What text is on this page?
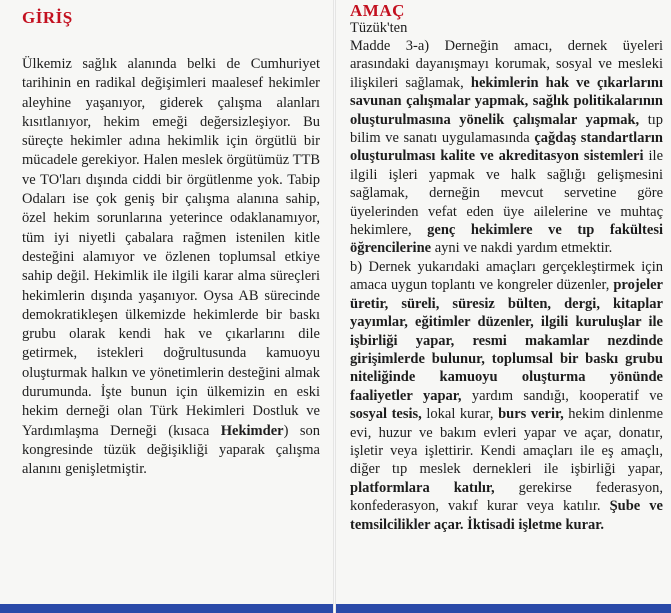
GİRİŞ

Ülkemiz sağlık alanında belki de Cumhuriyet tarihinin en radikal değişimleri maalesef hekimler aleyhine yaşanıyor, giderek çalışma alanları kısıtlanıyor, hekim emeği değersizleşiyor. Bu süreçte hekimler adına hekimlik için örgütlü bir mücadele gerekiyor. Halen meslek örgütümüz TTB ve TO'ları dışında ciddi bir örgütlenme yok. Tabip Odaları ise çok geniş bir çalışma alanına sahip, özel hekim sorunlarına yeterince odaklanamıyor, tüm iyi niyetli çabalara rağmen istenilen kitle desteğini alamıyor ve özlenen toplumsal etkiye sahip değil. Hekimlik ile ilgili karar alma süreçleri hekimlerin dışında yaşanıyor. Oysa AB sürecinde demokratikleşen ülkemizde hekimlerde bir baskı grubu olarak kendi hak ve çıkarlarını dile getirmek, istekleri doğrultusunda kamuoyu oluşturmak halkın ve yönetimlerin desteğini almak durumunda. İşte bunun için ülkemizin en eski hekim derneği olan Türk Hekimleri Dostluk ve Yardımlaşma Derneği (kısaca Hekimder) son kongresinde tüzük değişikliği yaparak çalışma alanını genişletmiştir.

AMAÇ

Tüzük'ten

Madde 3-a) Derneğin amacı, dernek üyeleri arasındaki dayanışmayı korumak, sosyal ve mesleki ilişkileri sağlamak, hekimlerin hak ve çıkarlarını savunan çalışmalar yapmak, sağlık politikalarının oluşturulmasına yönelik çalışmalar yapmak, tıp bilim ve sanatı uygulamasında çağdaş standartların oluşturulması kalite ve akreditasyon sistemleri ile ilgili işleri yapmak ve halk sağlığı gelişmesini sağlamak, derneğin mevcut servetine göre üyelerinden vefat eden üye ailelerine ve muhtaç hekimlere, genç hekimlere ve tıp fakültesi öğrencilerine ayni ve nakdi yardım etmektir.

b) Dernek yukarıdaki amaçları gerçekleştirmek için amaca uygun toplantı ve kongreler düzenler, projeler üretir, süreli, süresiz bülten, dergi, kitaplar yayımlar, eğitimler düzenler, ilgili kuruluşlar ile işbirliği yapar, resmi makamlar nezdinde girişimlerde bulunur, toplumsal bir baskı grubu niteliğinde kamuoyu oluşturma yönünde faaliyetler yapar, yardım sandığı, kooperatif ve sosyal tesis, lokal kurar, burs verir, hekim dinlenme evi, huzur ve bakım evleri yapar ve açar, donatır, işletir veya işlettirir. Kendi amaçları ile eş amaçlı, diğer tıp meslek dernekleri ile işbirliği yapar, platformlara katılır, gerekirse federasyon, konfederasyon, vakıf kurar veya katılır. Şube ve temsilcilikler açar. İktisadi işletme kurar.
